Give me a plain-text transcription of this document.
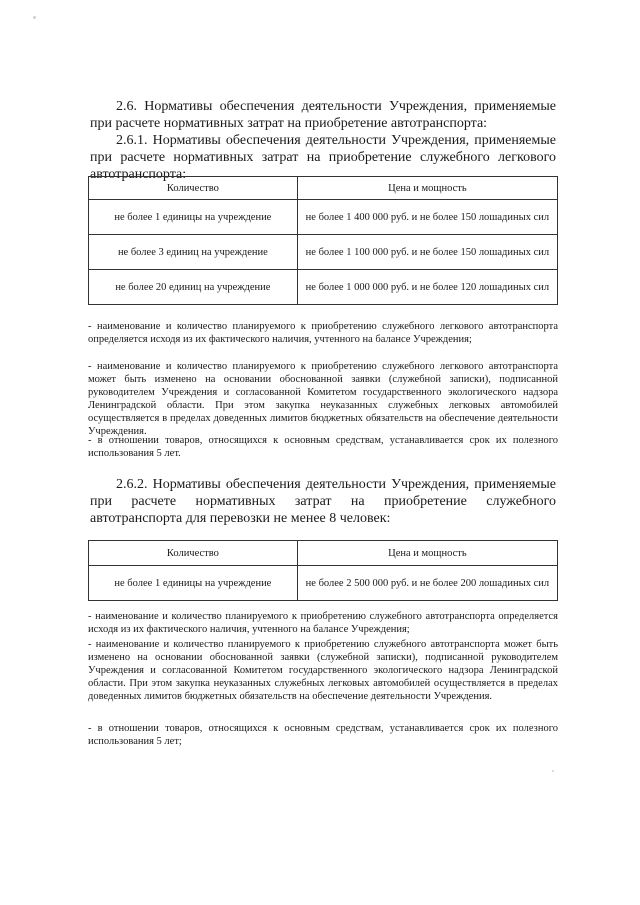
2.6. Нормативы обеспечения деятельности Учреждения, применяемые при расчете нормативных затрат на приобретение автотранспорта:

2.6.1. Нормативы обеспечения деятельности Учреждения, применяемые при расчете нормативных затрат на приобретение служебного легкового автотранспорта:

Количество	Цена и мощность
не более 1 единицы на учреждение	не более 1 400 000 руб. и не более 150 лошадиных сил
не более 3 единиц на учреждение	не более 1 100 000 руб. и не более 150 лошадиных сил
не более 20 единиц на учреждение	не более 1 000 000 руб. и не более 120 лошадиных сил

- наименование и количество планируемого к приобретению служебного легкового автотранспорта определяется исходя из их фактического наличия, учтенного на балансе Учреждения;

- наименование и количество планируемого к приобретению служебного легкового автотранспорта может быть изменено на основании обоснованной заявки (служебной записки), подписанной руководителем Учреждения и согласованной Комитетом государственного экологического надзора Ленинградской области. При этом закупка неуказанных служебных легковых автомобилей осуществляется в пределах доведенных лимитов бюджетных обязательств на обеспечение деятельности Учреждения.

- в отношении товаров, относящихся к основным средствам, устанавливается срок их полезного использования 5 лет.

2.6.2. Нормативы обеспечения деятельности Учреждения, применяемые при расчете нормативных затрат на приобретение служебного автотранспорта для перевозки не менее 8 человек:

Количество	Цена и мощность
не более 1 единицы на учреждение	не более 2 500 000 руб. и не более 200 лошадиных сил

- наименование и количество планируемого к приобретению служебного автотранспорта определяется исходя из их фактического наличия, учтенного на балансе Учреждения;

- наименование и количество планируемого к приобретению служебного автотранспорта может быть изменено на основании обоснованной заявки (служебной записки), подписанной руководителем Учреждения и согласованной Комитетом государственного экологического надзора Ленинградской области. При этом закупка неуказанных служебных легковых автомобилей осуществляется в пределах доведенных лимитов бюджетных обязательств на обеспечение деятельности Учреждения.

- в отношении товаров, относящихся к основным средствам, устанавливается срок их полезного использования 5 лет;
